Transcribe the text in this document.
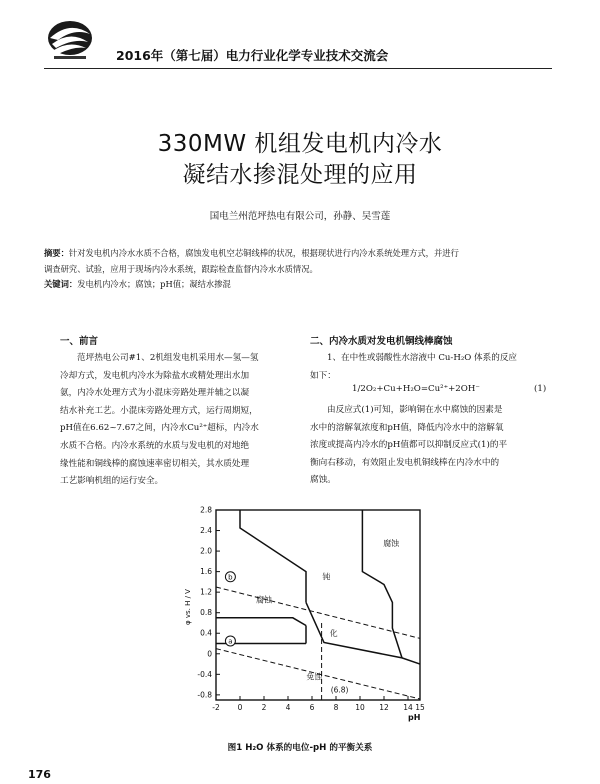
2016年（第七届）电力行业化学专业技术交流会
330MW 机组发电机内冷水
凝结水掺混处理的应用
国电兰州范坪热电有限公司，孙静、吴雪莲
摘要：针对发电机内冷水水质不合格，腐蚀发电机空芯铜线棒的状况，根据现状进行内冷水系统处理方式，并进行
调查研究、试验，应用于现场内冷水系统，跟踪检查监督内冷水水质情况。
关键词：发电机内冷水；腐蚀；pH值；凝结水掺混
一、前言
范坪热电公司#1、2机组发电机采用水—氢—氢
冷却方式，发电机内冷水为除盐水或精处理出水加
氨，内冷水处理方式为小混床旁路处理并辅之以凝
结水补充工艺。小混床旁路处理方式，运行周期短，
pH值在6.62~7.67之间，内冷水Cu²⁺超标，内冷水
水质不合格。内冷水系统的水质与发电机的对地绝
缘性能和铜线棒的腐蚀速率密切相关，其水质处理
工艺影响机组的运行安全。
二、内冷水质对发电机铜线棒腐蚀
1、在中性或弱酸性水溶液中 Cu-H₂O 体系的反应
如下：
1/2O₂+Cu+H₂O=Cu²⁺+2OH⁻	(1)
由反应式(1)可知，影响铜在水中腐蚀的因素是
水中的溶解氧浓度和pH值，降低内冷水中的溶解氧
浓度或提高内冷水的pH值都可以抑制反应式(1)的平
衡向右移动，有效阻止发电机铜线棒在内冷水中的
腐蚀。
-2 0	2	4	6	8 10 12 14 15
2.8
2.4
2.0
1.6
1.2
0.8
0.4
0
-0.4
-0.8
pH
φ vs. H / V	腐蚀
钝
化
腐蚀
免蚀
b
a
(6.8)
图1 H₂O 体系的电位-pH 的平衡关系
176
